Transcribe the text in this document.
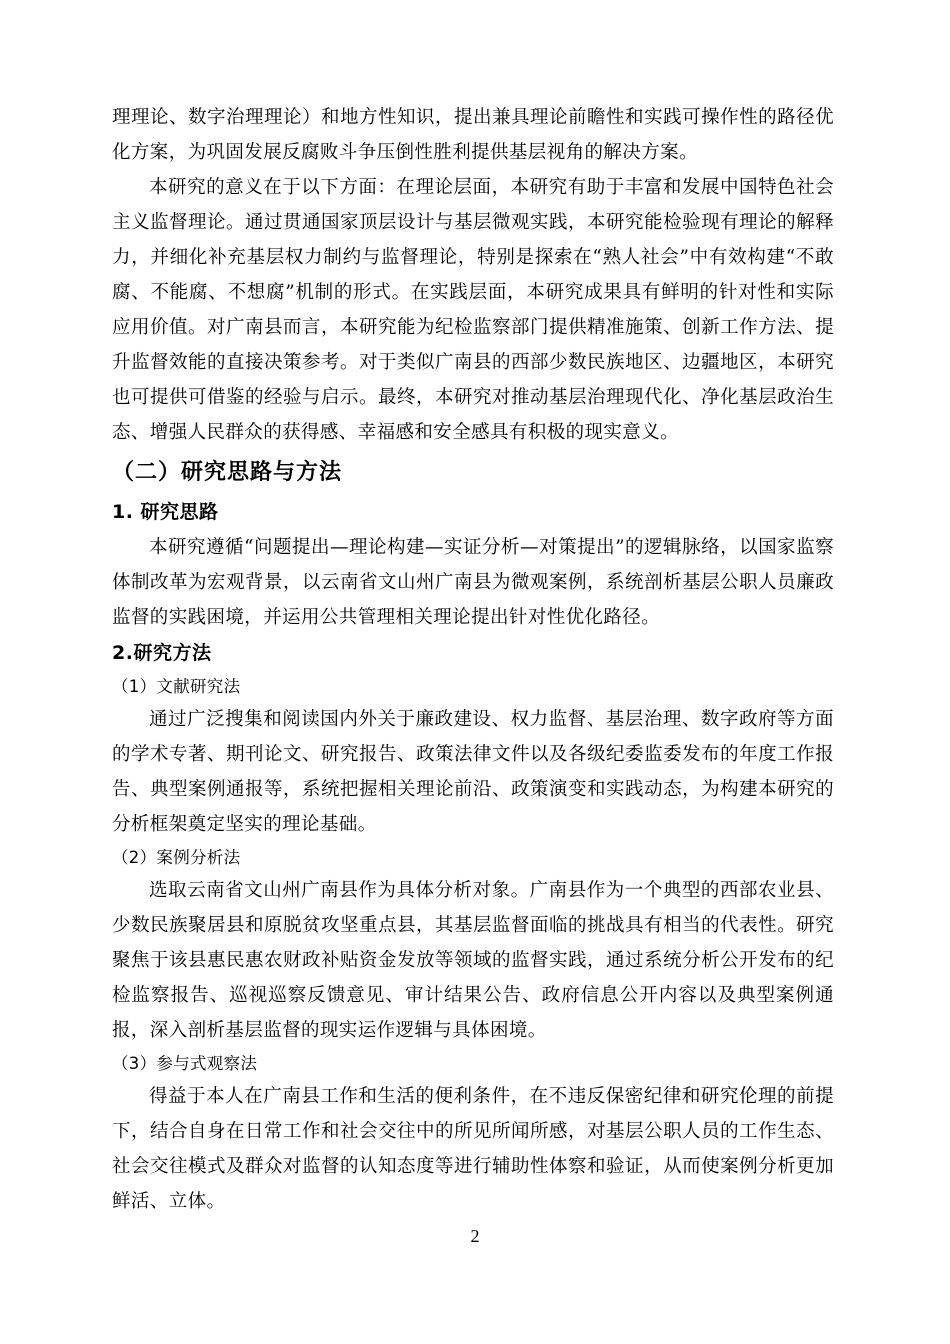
理理论、数字治理理论）和地方性知识，提出兼具理论前瞻性和实践可操作性的路径优化方案，为巩固发展反腐败斗争压倒性胜利提供基层视角的解决方案。

本研究的意义在于以下方面：在理论层面，本研究有助于丰富和发展中国特色社会主义监督理论。通过贯通国家顶层设计与基层微观实践，本研究能检验现有理论的解释力，并细化补充基层权力制约与监督理论，特别是探索在“熟人社会”中有效构建“不敢腐、不能腐、不想腐”机制的形式。在实践层面，本研究成果具有鲜明的针对性和实际应用价值。对广南县而言，本研究能为纪检监察部门提供精准施策、创新工作方法、提升监督效能的直接决策参考。对于类似广南县的西部少数民族地区、边疆地区，本研究也可提供可借鉴的经验与启示。最终，本研究对推动基层治理现代化、净化基层政治生态、增强人民群众的获得感、幸福感和安全感具有积极的现实意义。

（二）研究思路与方法
1. 研究思路

本研究遵循“问题提出—理论构建—实证分析—对策提出”的逻辑脉络，以国家监察体制改革为宏观背景，以云南省文山州广南县为微观案例，系统剖析基层公职人员廉政监督的实践困境，并运用公共管理相关理论提出针对性优化路径。

2.研究方法
（1）文献研究法

通过广泛搜集和阅读国内外关于廉政建设、权力监督、基层治理、数字政府等方面的学术专著、期刊论文、研究报告、政策法律文件以及各级纪委监委发布的年度工作报告、典型案例通报等，系统把握相关理论前沿、政策演变和实践动态，为构建本研究的分析框架奠定坚实的理论基础。

（2）案例分析法

选取云南省文山州广南县作为具体分析对象。广南县作为一个典型的西部农业县、少数民族聚居县和原脱贫攻坚重点县，其基层监督面临的挑战具有相当的代表性。研究聚焦于该县惠民惠农财政补贴资金发放等领域的监督实践，通过系统分析公开发布的纪检监察报告、巡视巡察反馈意见、审计结果公告、政府信息公开内容以及典型案例通报，深入剖析基层监督的现实运作逻辑与具体困境。

（3）参与式观察法

得益于本人在广南县工作和生活的便利条件，在不违反保密纪律和研究伦理的前提下，结合自身在日常工作和社会交往中的所见所闻所感，对基层公职人员的工作生态、社会交往模式及群众对监督的认知态度等进行辅助性体察和验证，从而使案例分析更加鲜活、立体。

2
